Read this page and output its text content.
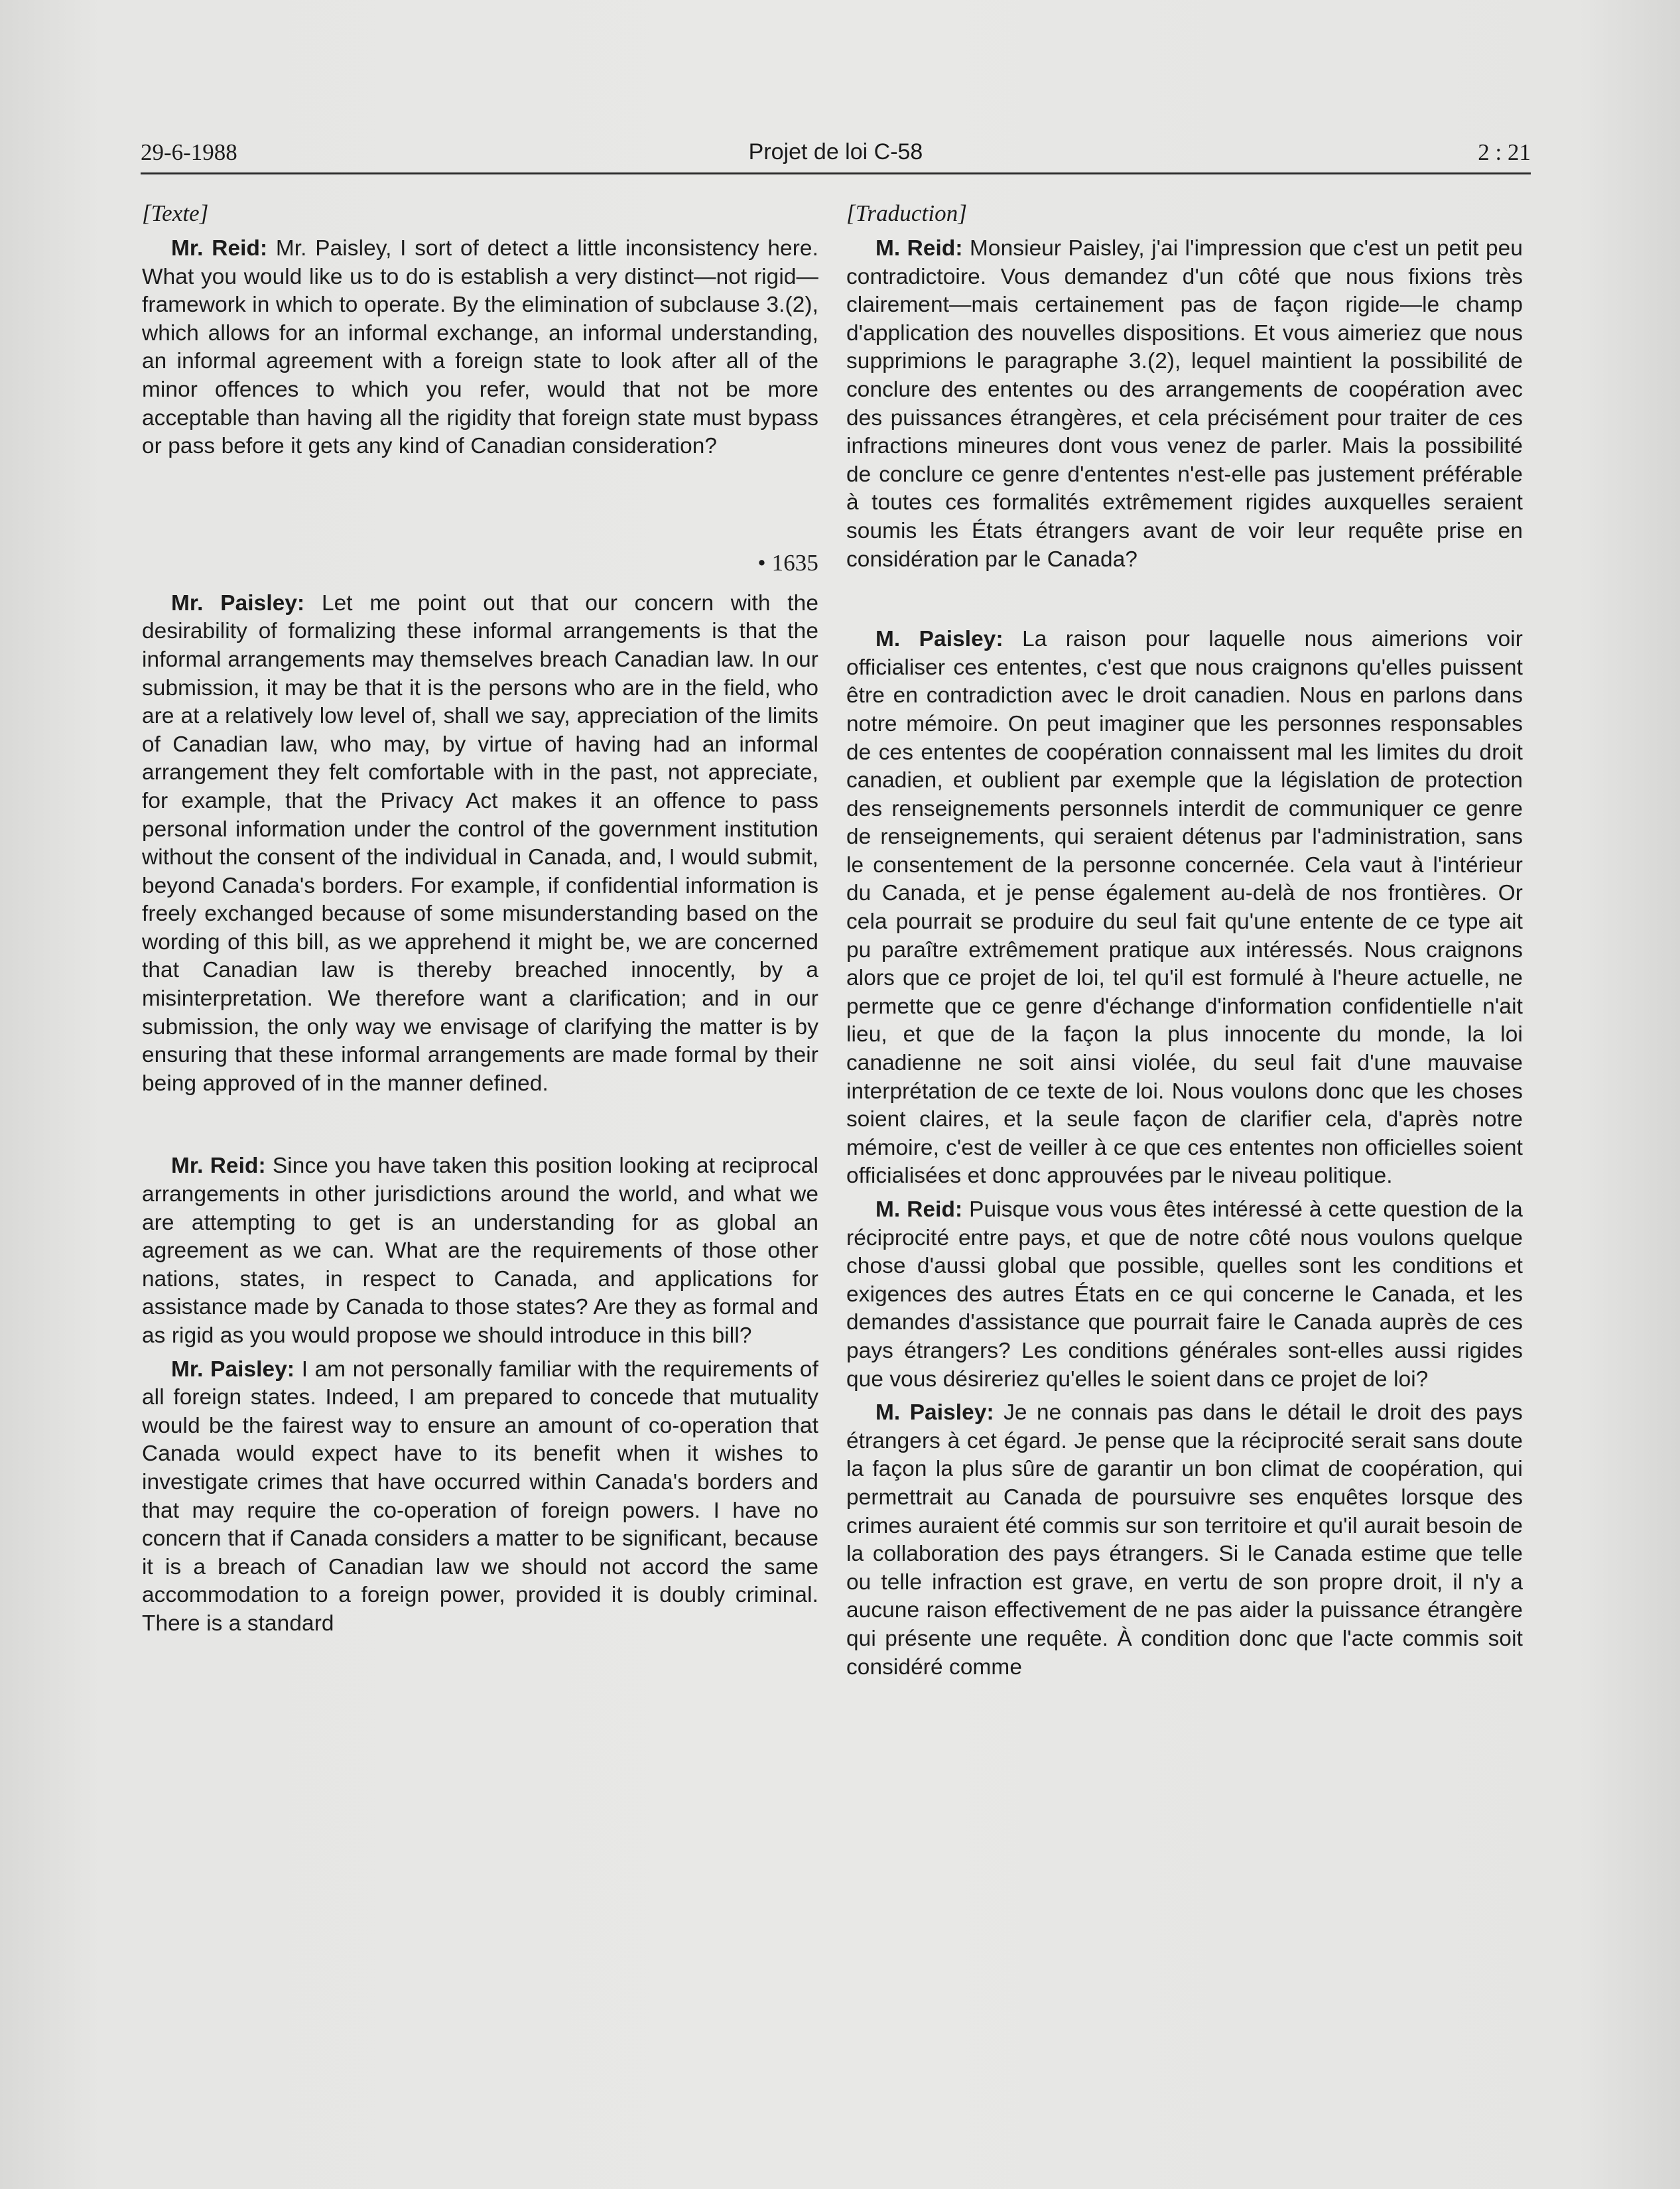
29-6-1988	Projet de loi C-58	2 : 21
[Texte]

Mr. Reid: Mr. Paisley, I sort of detect a little inconsistency here. What you would like us to do is establish a very distinct—not rigid—framework in which to operate. By the elimination of subclause 3.(2), which allows for an informal exchange, an informal understanding, an informal agreement with a foreign state to look after all of the minor offences to which you refer, would that not be more acceptable than having all the rigidity that foreign state must bypass or pass before it gets any kind of Canadian consideration?

• 1635

Mr. Paisley: Let me point out that our concern with the desirability of formalizing these informal arrangements is that the informal arrangements may themselves breach Canadian law. In our submission, it may be that it is the persons who are in the field, who are at a relatively low level of, shall we say, appreciation of the limits of Canadian law, who may, by virtue of having had an informal arrangement they felt comfortable with in the past, not appreciate, for example, that the Privacy Act makes it an offence to pass personal information under the control of the government institution without the consent of the individual in Canada, and, I would submit, beyond Canada's borders. For example, if confidential information is freely exchanged because of some misunderstanding based on the wording of this bill, as we apprehend it might be, we are concerned that Canadian law is thereby breached innocently, by a misinterpretation. We therefore want a clarification; and in our submission, the only way we envisage of clarifying the matter is by ensuring that these informal arrangements are made formal by their being approved of in the manner defined.

Mr. Reid: Since you have taken this position looking at reciprocal arrangements in other jurisdictions around the world, and what we are attempting to get is an understanding for as global an agreement as we can. What are the requirements of those other nations, states, in respect to Canada, and applications for assistance made by Canada to those states? Are they as formal and as rigid as you would propose we should introduce in this bill?

Mr. Paisley: I am not personally familiar with the requirements of all foreign states. Indeed, I am prepared to concede that mutuality would be the fairest way to ensure an amount of co-operation that Canada would expect have to its benefit when it wishes to investigate crimes that have occurred within Canada's borders and that may require the co-operation of foreign powers. I have no concern that if Canada considers a matter to be significant, because it is a breach of Canadian law we should not accord the same accommodation to a foreign power, provided it is doubly criminal. There is a standard

[Traduction]

M. Reid: Monsieur Paisley, j'ai l'impression que c'est un petit peu contradictoire. Vous demandez d'un côté que nous fixions très clairement—mais certainement pas de façon rigide—le champ d'application des nouvelles dispositions. Et vous aimeriez que nous supprimions le paragraphe 3.(2), lequel maintient la possibilité de conclure des ententes ou des arrangements de coopération avec des puissances étrangères, et cela précisément pour traiter de ces infractions mineures dont vous venez de parler. Mais la possibilité de conclure ce genre d'ententes n'est-elle pas justement préférable à toutes ces formalités extrêmement rigides auxquelles seraient soumis les États étrangers avant de voir leur requête prise en considération par le Canada?

M. Paisley: La raison pour laquelle nous aimerions voir officialiser ces ententes, c'est que nous craignons qu'elles puissent être en contradiction avec le droit canadien. Nous en parlons dans notre mémoire. On peut imaginer que les personnes responsables de ces ententes de coopération connaissent mal les limites du droit canadien, et oublient par exemple que la législation de protection des renseignements personnels interdit de communiquer ce genre de renseignements, qui seraient détenus par l'administration, sans le consentement de la personne concernée. Cela vaut à l'intérieur du Canada, et je pense également au-delà de nos frontières. Or cela pourrait se produire du seul fait qu'une entente de ce type ait pu paraître extrêmement pratique aux intéressés. Nous craignons alors que ce projet de loi, tel qu'il est formulé à l'heure actuelle, ne permette que ce genre d'échange d'information confidentielle n'ait lieu, et que de la façon la plus innocente du monde, la loi canadienne ne soit ainsi violée, du seul fait d'une mauvaise interprétation de ce texte de loi. Nous voulons donc que les choses soient claires, et la seule façon de clarifier cela, d'après notre mémoire, c'est de veiller à ce que ces ententes non officielles soient officialisées et donc approuvées par le niveau politique.

M. Reid: Puisque vous vous êtes intéressé à cette question de la réciprocité entre pays, et que de notre côté nous voulons quelque chose d'aussi global que possible, quelles sont les conditions et exigences des autres États en ce qui concerne le Canada, et les demandes d'assistance que pourrait faire le Canada auprès de ces pays étrangers? Les conditions générales sont-elles aussi rigides que vous désireriez qu'elles le soient dans ce projet de loi?

M. Paisley: Je ne connais pas dans le détail le droit des pays étrangers à cet égard. Je pense que la réciprocité serait sans doute la façon la plus sûre de garantir un bon climat de coopération, qui permettrait au Canada de poursuivre ses enquêtes lorsque des crimes auraient été commis sur son territoire et qu'il aurait besoin de la collaboration des pays étrangers. Si le Canada estime que telle ou telle infraction est grave, en vertu de son propre droit, il n'y a aucune raison effectivement de ne pas aider la puissance étrangère qui présente une requête. À condition donc que l'acte commis soit considéré comme
